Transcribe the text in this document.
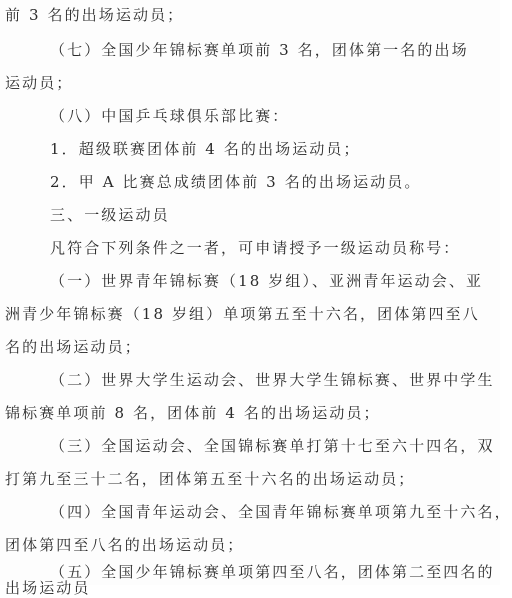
前 3 名的出场运动员；
（七）全国少年锦标赛单项前 3 名，团体第一名的出场
运动员；
（八）中国乒乓球俱乐部比赛：
1．超级联赛团体前 4 名的出场运动员；
2．甲 A 比赛总成绩团体前 3 名的出场运动员。
三、一级运动员
凡符合下列条件之一者，可申请授予一级运动员称号：
（一）世界青年锦标赛（18 岁组）、亚洲青年运动会、亚
洲青少年锦标赛（18 岁组）单项第五至十六名，团体第四至八
名的出场运动员；
（二）世界大学生运动会、世界大学生锦标赛、世界中学生
锦标赛单项前 8 名，团体前 4 名的出场运动员；
（三）全国运动会、全国锦标赛单打第十七至六十四名，双
打第九至三十二名，团体第五至十六名的出场运动员；
（四）全国青年运动会、全国青年锦标赛单项第九至十六名，
团体第四至八名的出场运动员；
（五）全国少年锦标赛单项第四至八名，团体第二至四名的
出场运动员
